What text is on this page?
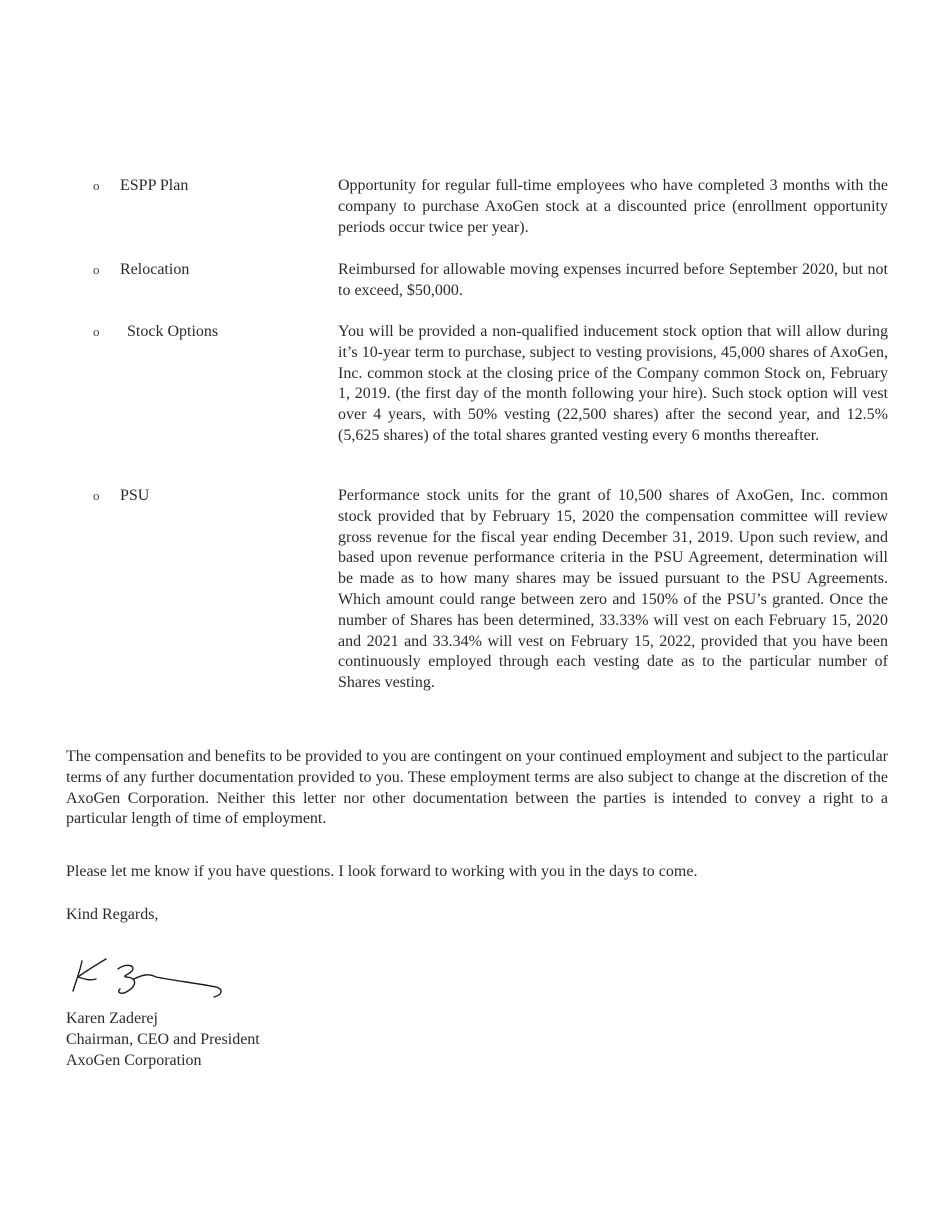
o ESPP Plan	Opportunity for regular full-time employees who have completed 3 months with the company to purchase AxoGen stock at a discounted price (enrollment opportunity periods occur twice per year).
o Relocation	Reimbursed for allowable moving expenses incurred before September 2020, but not to exceed, $50,000.
o Stock Options	You will be provided a non-qualified inducement stock option that will allow during it’s 10-year term to purchase, subject to vesting provisions, 45,000 shares of AxoGen, Inc. common stock at the closing price of the Company common Stock on, February 1, 2019. (the first day of the month following your hire). Such stock option will vest over 4 years, with 50% vesting (22,500 shares) after the second year, and 12.5% (5,625 shares) of the total shares granted vesting every 6 months thereafter.
o PSU	Performance stock units for the grant of 10,500 shares of AxoGen, Inc. common stock provided that by February 15, 2020 the compensation committee will review gross revenue for the fiscal year ending December 31, 2019. Upon such review, and based upon revenue performance criteria in the PSU Agreement, determination will be made as to how many shares may be issued pursuant to the PSU Agreements. Which amount could range between zero and 150% of the PSU’s granted. Once the number of Shares has been determined, 33.33% will vest on each February 15, 2020 and 2021 and 33.34% will vest on February 15, 2022, provided that you have been continuously employed through each vesting date as to the particular number of Shares vesting.
The compensation and benefits to be provided to you are contingent on your continued employment and subject to the particular terms of any further documentation provided to you. These employment terms are also subject to change at the discretion of the AxoGen Corporation. Neither this letter nor other documentation between the parties is intended to convey a right to a particular length of time of employment.
Please let me know if you have questions. I look forward to working with you in the days to come.
Kind Regards,
Karen Zaderej
Chairman, CEO and President
AxoGen Corporation
